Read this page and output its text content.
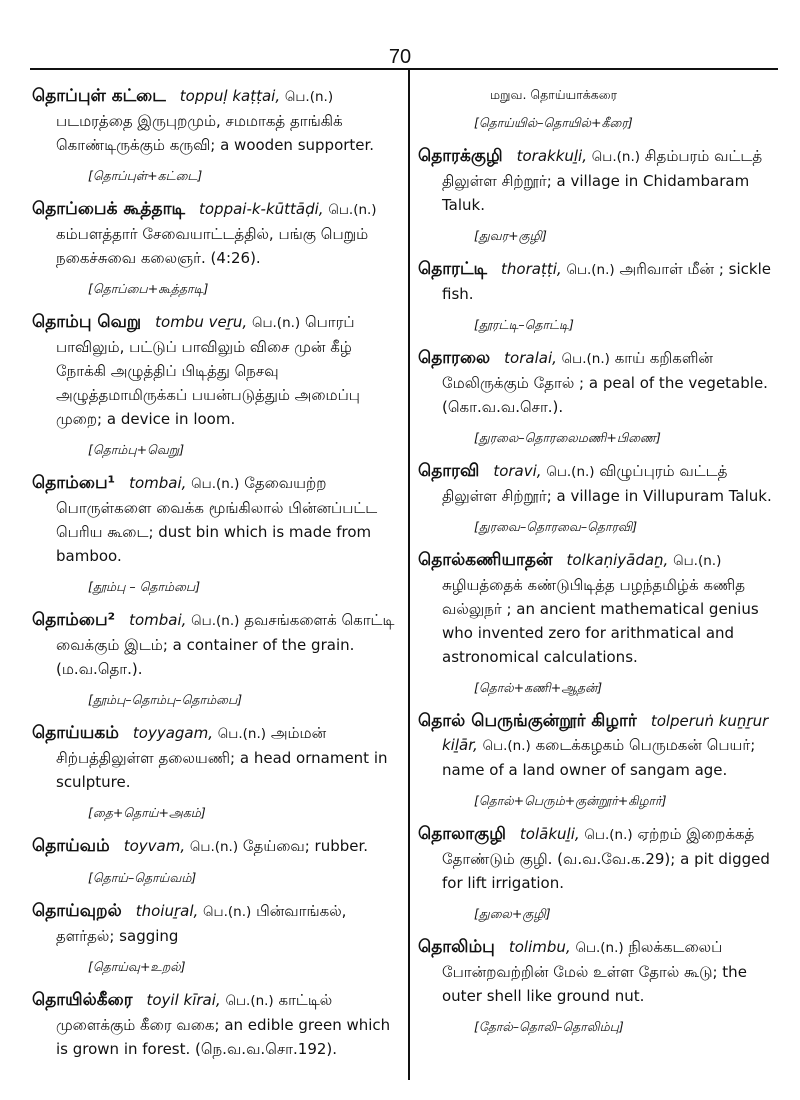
70

தொப்புள் கட்டை toppuḷ kaṭṭai, பெ.(n.) படமரத்தை இருபுறமும், சமமாகத் தாங்கிக் கொண்டிருக்கும் கருவி; a wooden supporter.

[தொப்புள்+கட்டை]

தொப்பைக் கூத்தாடி toppai-k-kūttāḍi, பெ.(n.) கம்பளத்தார் சேவையாட்டத்தில், பங்கு பெறும் நகைச்சுவை கலைஞர். (4:26).

[தொப்பை+கூத்தாடி]

தொம்பு வெறு tombu veṟu, பெ.(n.) பொரப் பாவிலும், பட்டுப் பாவிலும் விசை முன் கீழ் நோக்கி அழுத்திப் பிடித்து நெசவு அழுத்தமாமிருக்கப் பயன்படுத்தும் அமைப்பு முறை; a device in loom.

[தொம்பு+வெறு]

தொம்பை¹ tombai, பெ.(n.) தேவையற்ற பொருள்களை வைக்க மூங்கிலால் பின்னப்பட்ட பெரிய கூடை; dust bin which is made from bamboo.

[தூம்பு – தொம்பை]

தொம்பை² tombai, பெ.(n.) தவசங்களைக் கொட்டி வைக்கும் இடம்; a container of the grain. (ம.வ.தொ.).

[தூம்பு–தொம்பு–தொம்பை]

தொய்யகம் toyyagam, பெ.(n.) அம்மன் சிற்பத்திலுள்ள தலையணி; a head ornament in sculpture.

[தை+தொய்+அகம்]

தொய்வம் toyvam, பெ.(n.) தேய்வை; rubber.

[தொய்–தொய்வம்]

தொய்வுறல் thoiuṟal, பெ.(n.) பின்வாங்கல், தளர்தல்; sagging

[தொய்வு+உறல்]

தொயில்கீரை toyil kīrai, பெ.(n.) காட்டில் முளைக்கும் கீரை வகை; an edible green which is grown in forest. (நெ.வ.வ.சொ.192).

மறுவ. தொய்யாக்கரை
[தொய்யில்–தொயில்+கீரை]

தொரக்குழி torakkuḻi, பெ.(n.) சிதம்பரம் வட்டத் திலுள்ள சிற்றூர்; a village in Chidambaram Taluk.

[துவர+குழி]

தொரட்டி thoraṭṭi, பெ.(n.) அரிவாள் மீன் ; sickle fish.

[தூரட்டி–தொட்டி]

தொரலை toralai, பெ.(n.) காய் கறிகளின் மேலிருக்கும் தோல் ; a peal of the vegetable. (கொ.வ.வ.சொ.).

[துரலை–தொரலைமணி+பிணை]

தொரவி toravi, பெ.(n.) விழுப்புரம் வட்டத் திலுள்ள சிற்றூர்; a village in Villupuram Taluk.

[துரவை–தொரவை–தொரவி]

தொல்கணியாதன் tolkaṇiyādaṉ, பெ.(n.) சுழியத்தைக் கண்டுபிடித்த பழந்தமிழ்க் கணித வல்லுநர் ; an ancient mathematical genius who invented zero for arithmatical and astronomical calculations.

[தொல்+கணி+ஆதன்]

தொல் பெருங்குன்றூர் கிழார் tolperuṅ kuṉṟur kiḻār, பெ.(n.) கடைக்கழகம் பெருமகன் பெயர்; name of a land owner of sangam age.

[தொல்+பெரும்+குன்றூர்+கிழார்]

தொலாகுழி tolākuḻi, பெ.(n.) ஏற்றம் இறைக்கத் தோண்டும் குழி. (வ.வ.வே.க.29); a pit digged for lift irrigation.

[துலை+குழி]

தொலிம்பு tolimbu, பெ.(n.) நிலக்கடலைப் போன்றவற்றின் மேல் உள்ள தோல் கூடு; the outer shell like ground nut.

[தோல்–தொலி–தொலிம்பு]
